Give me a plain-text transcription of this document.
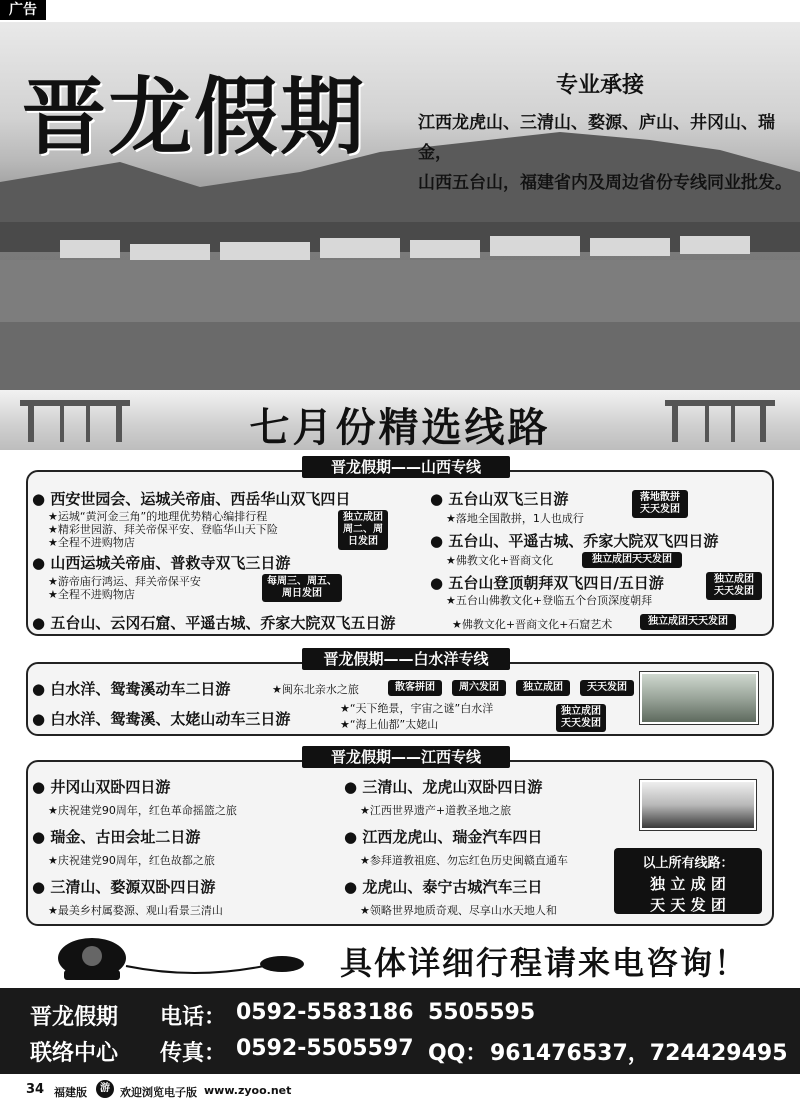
广告
晋龙假期	专业承接
江西龙虎山、三清山、婺源、庐山、井冈山、瑞金，
山西五台山，福建省内及周边省份专线同业批发。
七月份精选线路
晋龙假期——山西专线
● 西安世园会、运城关帝庙、西岳华山双飞四日
★运城“黄河金三角”的地理优势精心编排行程
★精彩世园游、拜关帝保平安、登临华山天下险
★全程不进购物店
独立成团
周二、周
日发团
● 山西运城关帝庙、普救寺双飞三日游
★游帝庙行鸿运、拜关帝保平安
★全程不进购物店
每周三、周五、
周日发团
● 五台山双飞三日游	落地散拼
天天发团
★落地全国散拼，1人也成行
● 五台山、平遥古城、乔家大院双飞四日游
★佛教文化+晋商文化	独立成团天天发团
● 五台山登顶朝拜双飞四日/五日游	独立成团
天天发团
★五台山佛教文化+登临五个台顶深度朝拜
● 五台山、云冈石窟、平遥古城、乔家大院双飞五日游	★佛教文化+晋商文化+石窟艺术	独立成团天天发团
晋龙假期——白水洋专线
● 白水洋、鸳鸯溪动车二日游	★闽东北亲水之旅	散客拼团	周六发团	独立成团	天天发团
● 白水洋、鸳鸯溪、太姥山动车三日游
★“天下绝景，宇宙之谜”白水洋
★“海上仙都”太姥山
独立成团
天天发团
晋龙假期——江西专线
● 井冈山双卧四日游
★庆祝建党90周年，红色革命摇篮之旅
● 瑞金、古田会址二日游
★庆祝建党90周年，红色故都之旅
● 三清山、婺源双卧四日游
★最美乡村属婺源、观山看景三清山
● 三清山、龙虎山双卧四日游
★江西世界遗产+道教圣地之旅
● 江西龙虎山、瑞金汽车四日
★参拜道教祖庭、勿忘红色历史闽赣直通车
● 龙虎山、泰宁古城汽车三日
★领略世界地质奇观、尽享山水天地人和
以上所有线路：
独 立 成 团
天 天 发 团
具体详细行程请来电咨询！
晋龙假期
联络中心
电话： 0592-5583186 5505595
传真： 0592-5505597 QQ： 961476537，724429495
34 福建版	游 欢迎浏览电子版 www.zyoo.net
